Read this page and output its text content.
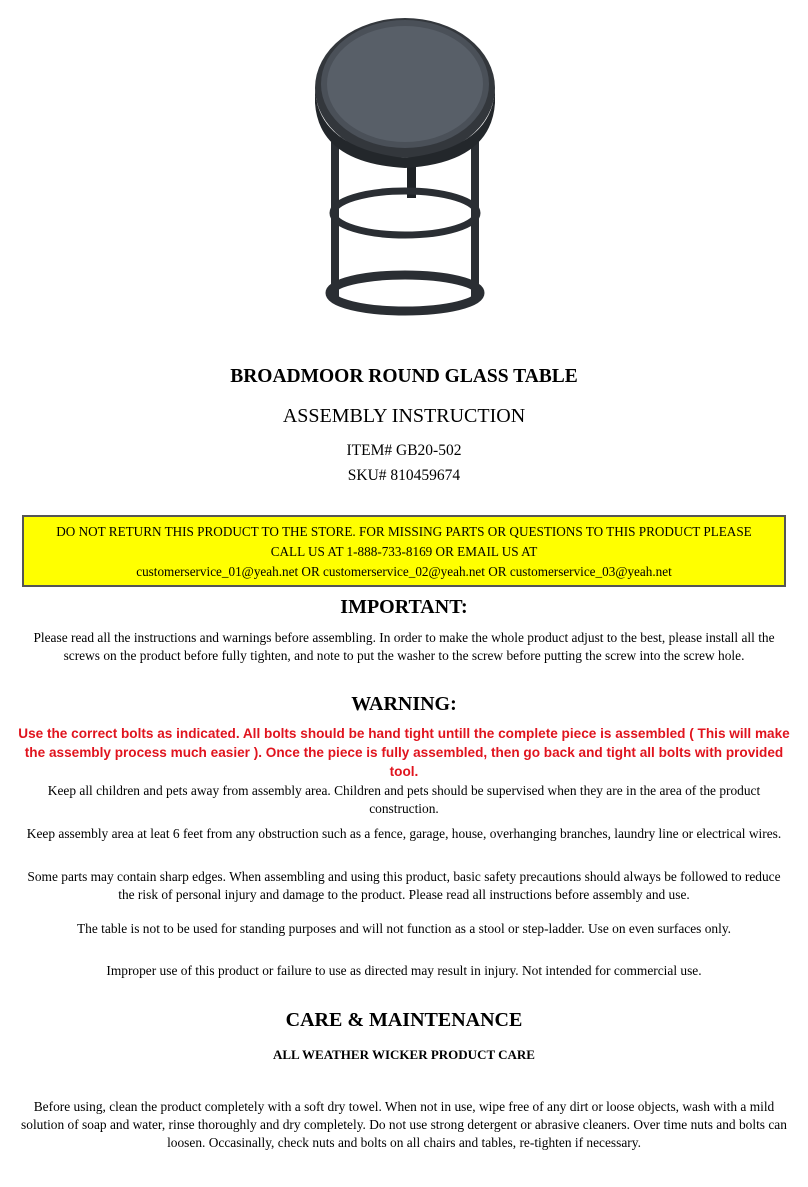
BROADMOOR ROUND GLASS TABLE
ASSEMBLY INSTRUCTION
ITEM# GB20-502
SKU# 810459674
DO NOT RETURN THIS PRODUCT TO THE STORE. FOR MISSING PARTS OR QUESTIONS TO THIS PRODUCT PLEASE
CALL US AT 1-888-733-8169 OR EMAIL US AT
customerservice_01@yeah.net OR customerservice_02@yeah.net OR customerservice_03@yeah.net
IMPORTANT:
Please read all the instructions and warnings before assembling. In order to make the whole product adjust to the best, please install all the screws on the product before fully tighten, and note to put the washer to the screw before putting the screw into the screw hole.
WARNING:
Use the correct bolts as indicated. All bolts should be hand tight untill the complete piece is assembled ( This will make the assembly process much easier ). Once the piece is fully assembled, then go back and tight all bolts with provided tool.
Keep all children and pets away from assembly area. Children and pets should be supervised when they are in the area of the product construction.
Keep assembly area at leat 6 feet from any obstruction such as a fence, garage, house, overhanging branches, laundry line or electrical wires.
Some parts may contain sharp edges. When assembling and using this product, basic safety precautions should always be followed to reduce the risk of personal injury and damage to the product. Please read all instructions before assembly and use.
The table is not to be used for standing purposes and will not function as a stool or step-ladder. Use on even surfaces only.
Improper use of this product or failure to use as directed may result in injury. Not intended for commercial use.
CARE & MAINTENANCE
ALL WEATHER WICKER PRODUCT CARE
Before using, clean the product completely with a soft dry towel. When not in use, wipe free of any dirt or loose objects, wash with a mild solution of soap and water, rinse thoroughly and dry completely. Do not use strong detergent or abrasive cleaners. Over time nuts and bolts can loosen. Occasinally, check nuts and bolts on all chairs and tables, re-tighten if necessary.
